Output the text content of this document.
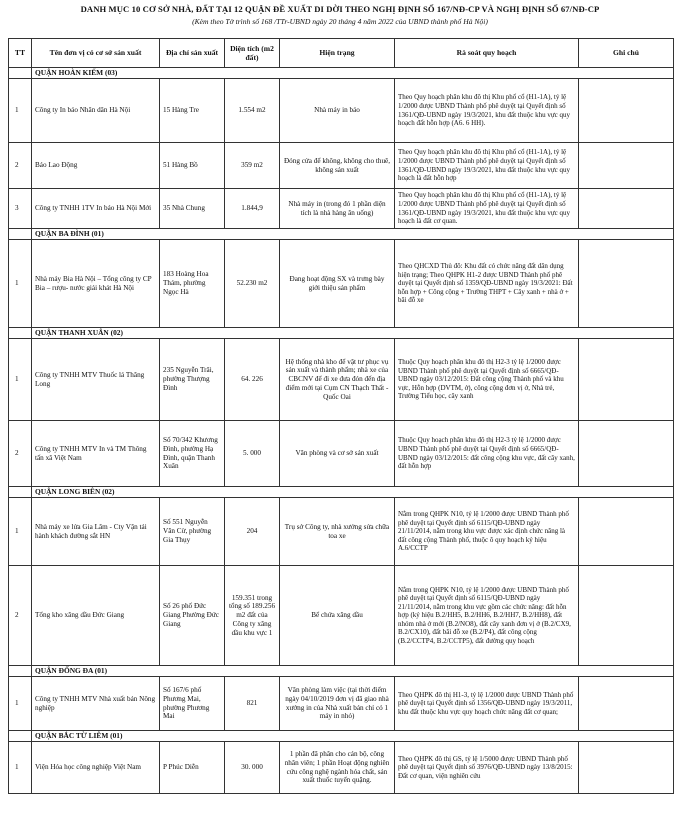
DANH MỤC 10 CƠ SỞ NHÀ, ĐẤT TẠI 12 QUẬN ĐỀ XUẤT DI DỜI THEO NGHỊ ĐỊNH SỐ 167/NĐ-CP VÀ NGHỊ ĐỊNH SỐ 67/NĐ-CP
(Kèm theo Tờ trình số 168 /TTr-UBND ngày 20 tháng 4 năm 2022 của UBND thành phố Hà Nội)
TT	Tên đơn vị có cơ sở sản xuất	Địa chỉ sản xuất	Diện tích (m2 đất)	Hiện trạng	Rà soát quy hoạch	Ghi chú
	QUẬN HOÀN KIẾM (03)					
1	Công ty In báo Nhân dân Hà Nội	15 Hàng Tre	1.554 m2	Nhà máy in báo	Theo Quy hoạch phân khu đô thị Khu phố cổ (H1-1A), tỷ lệ 1/2000 được UBND Thành phố phê duyệt tại Quyết định số 1361/QĐ-UBND ngày 19/3/2021, khu đất thuộc khu vực quy hoạch đất hỗn hợp (A6. 6 HH).	
2	Báo Lao Động	51 Hàng Bồ	359 m2	Đóng cửa để không, không cho thuê, không sản xuất	Theo Quy hoạch phân khu đô thị Khu phố cổ (H1-1A), tỷ lệ 1/2000 được UBND Thành phố phê duyệt tại Quyết định số 1361/QĐ-UBND ngày 19/3/2021, khu đất thuộc khu vực quy hoạch là đất hỗn hợp	
3	Công ty TNHH 1TV In báo Hà Nội Mới	35 Nhà Chung	1.844,9	Nhà máy in (trong đó 1 phần diện tích là nhà hàng ăn uống)	Theo Quy hoạch phân khu đô thị Khu phố cổ (H1-1A), tỷ lệ 1/2000 được UBND Thành phố phê duyệt tại Quyết định số 1361/QĐ-UBND ngày 19/3/2021, khu đất thuộc khu vực quy hoạch là đất cơ quan.	
	QUẬN BA ĐÌNH (01)					
1	Nhà máy Bia Hà Nội – Tổng công ty CP Bia – rượu- nước giải khát Hà Nội	183 Hoàng Hoa Thám, phường Ngọc Hà	52.230 m2	Đang hoạt động SX và trưng bày giới thiệu sản phẩm	Theo QHCXD Thủ đô: Khu đất có chức năng đất dân dụng hiện trạng; Theo QHPK H1-2 được UBND Thành phố phê duyệt tại Quyết định số 1359/QĐ-UBND ngày 19/3/2021: Đất hỗn hợp + Công cộng + Trường THPT + Cây xanh + nhà ở + bãi đỗ xe	
	QUẬN THANH XUÂN (02)					
1	Công ty TNHH MTV Thuốc lá Thăng Long	235 Nguyễn Trãi, phường Thượng Đình	64. 226	Hệ thống nhà kho để vật tư phục vụ sản xuất và thành phẩm; nhà xe của CBCNV để đi xe đưa đón đến địa điểm mới tại Cụm CN Thạch Thất - Quốc Oai	Thuộc Quy hoạch phân khu đô thị H2-3 tỷ lệ 1/2000 được UBND Thành phố phê duyệt tại Quyết định số 6665/QĐ-UBND ngày 03/12/2015: Đất công cộng Thành phố và khu vực, Hỗn hợp (DVTM, ở), công cộng đơn vị ở, Nhà trẻ, Trường Tiểu học, cây xanh	
2	Công ty TNHH MTV In và TM Thông tấn xã Việt Nam	Số 70/342 Khương Đình, phường Hạ Đình, quận Thanh Xuân	5. 000	Văn phòng và cơ sở sản xuất	Thuộc Quy hoạch phân khu đô thị H2-3 tỷ lệ 1/2000 được UBND Thành phố phê duyệt tại Quyết định số 6665/QĐ-UBND ngày 03/12/2015: đất công cộng khu vực, đất cây xanh, đất hỗn hợp	
	QUẬN LONG BIÊN (02)					
1	Nhà máy xe lửa Gia Lâm - Cty Vận tải hành khách đường sắt HN	Số 551 Nguyễn Văn Cừ, phường Gia Thụy	204	Trụ sở Công ty, nhà xưởng sửa chữa toa xe	Nằm trong QHPK N10, tỷ lệ 1/2000 được UBND Thành phố phê duyệt tại Quyết định số 6115/QĐ-UBND ngày 21/11/2014, nằm trong khu vực được xác định chức năng là đất công cộng Thành phố, thuộc ô quy hoạch ký hiệu A.6/CCTP	
2	Tổng kho xăng dầu Đức Giang	Số 26 phố Đức Giang Phường Đức Giang	159.351 trong tổng số 189.256 m2 đất của Công ty xăng dầu khu vực 1	Bể chứa xăng dầu	Nằm trong QHPK N10, tỷ lệ 1/2000 được UBND Thành phố phê duyệt tại Quyết định số 6115/QĐ-UBND ngày 21/11/2014, nằm trong khu vực gồm các chức năng: đất hỗn hợp (ký hiệu B.2/HH5, B.2/HH6, B.2/HH7, B.2/HH8), đất nhóm nhà ở mới (B.2/NO8), đất cây xanh đơn vị ở (B.2/CX9, B.2/CX10), đất bãi đỗ xe (B.2/P4), đất công cộng (B.2/CCTP4, B.2/CCTP5), đất đường quy hoạch	
	QUẬN ĐỐNG ĐA (01)					
1	Công ty TNHH MTV Nhà xuất bản Nông nghiệp	Số 167/6 phố Phương Mai, phường Phương Mai	821	Văn phòng làm việc (tại thời điểm ngày 04/10/2019 đơn vị đã giao nhà xưởng in của Nhà xuất bản chỉ có 1 máy in nhỏ)	Theo QHPK đô thị H1-3, tỷ lệ 1/2000 được UBND Thành phố phê duyệt tại Quyết định số 1356/QĐ-UBND ngày 19/3/2011, khu đất thuộc khu vực quy hoạch chức năng đất cơ quan;	
	QUẬN BẮC TỪ LIÊM (01)					
1	Viện Hóa học công nghiệp Việt Nam	P Phúc Diễn	30. 000	1 phần đã phân cho cán bộ, công nhân viên; 1 phần Hoạt động nghiên cứu công nghệ ngành hóa chất, sản xuất thuốc tuyển quặng.	Theo QHPK đô thị GS, tỷ lệ 1/5000 được UBND Thành phố phê duyệt tại Quyết định số 3976/QĐ-UBND ngày 13/8/2015: Đất cơ quan, viện nghiên cứu	
